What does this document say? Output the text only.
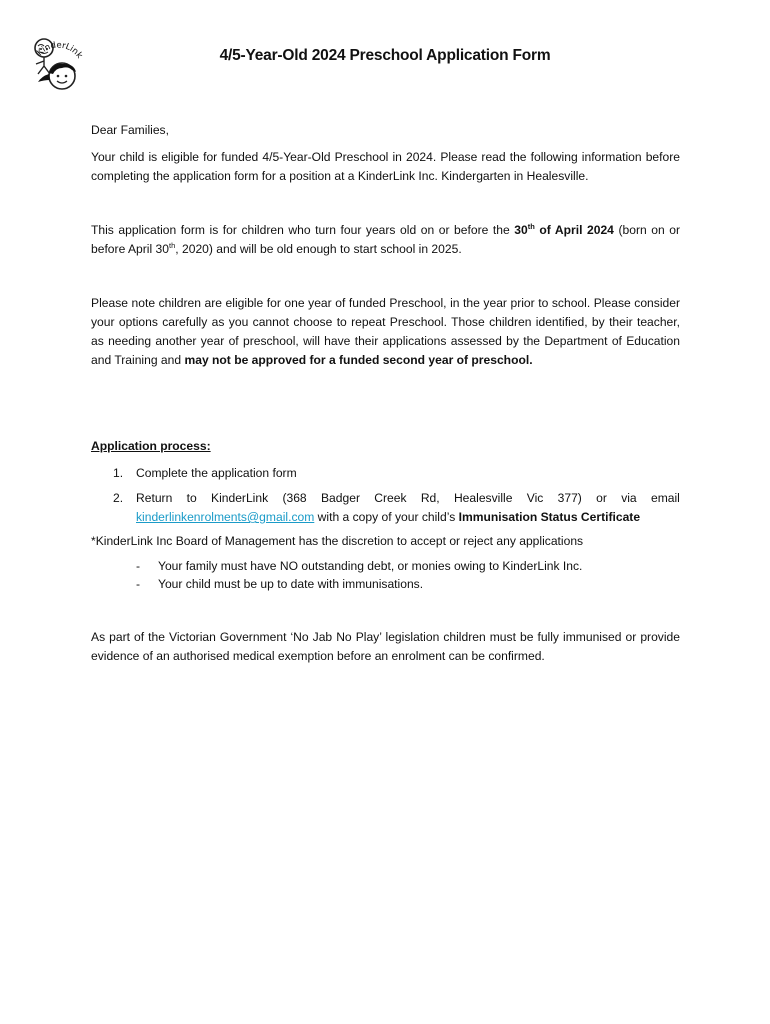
KinderLink	4/5-Year-Old 2024 Preschool Application Form

Dear Families,

Your child is eligible for funded 4/5-Year-Old Preschool in 2024. Please read the following information before completing the application form for a position at a KinderLink Inc. Kindergarten in Healesville.

This application form is for children who turn four years old on or before the 30th of April 2024 (born on or before April 30th, 2020) and will be old enough to start school in 2025.

Please note children are eligible for one year of funded Preschool, in the year prior to school. Please consider your options carefully as you cannot choose to repeat Preschool. Those children identified, by their teacher, as needing another year of preschool, will have their applications assessed by the Department of Education and Training and may not be approved for a funded second year of preschool.

Application process:

1. Complete the application form
2. Return to KinderLink (368 Badger Creek Rd, Healesville Vic 377) or via email
kinderlinkenrolments@gmail.com with a copy of your child’s Immunisation Status Certificate

*KinderLink Inc Board of Management has the discretion to accept or reject any applications

- Your family must have NO outstanding debt, or monies owing to KinderLink Inc.
- Your child must be up to date with immunisations.

As part of the Victorian Government ‘No Jab No Play’ legislation children must be fully immunised or provide evidence of an authorised medical exemption before an enrolment can be confirmed.
